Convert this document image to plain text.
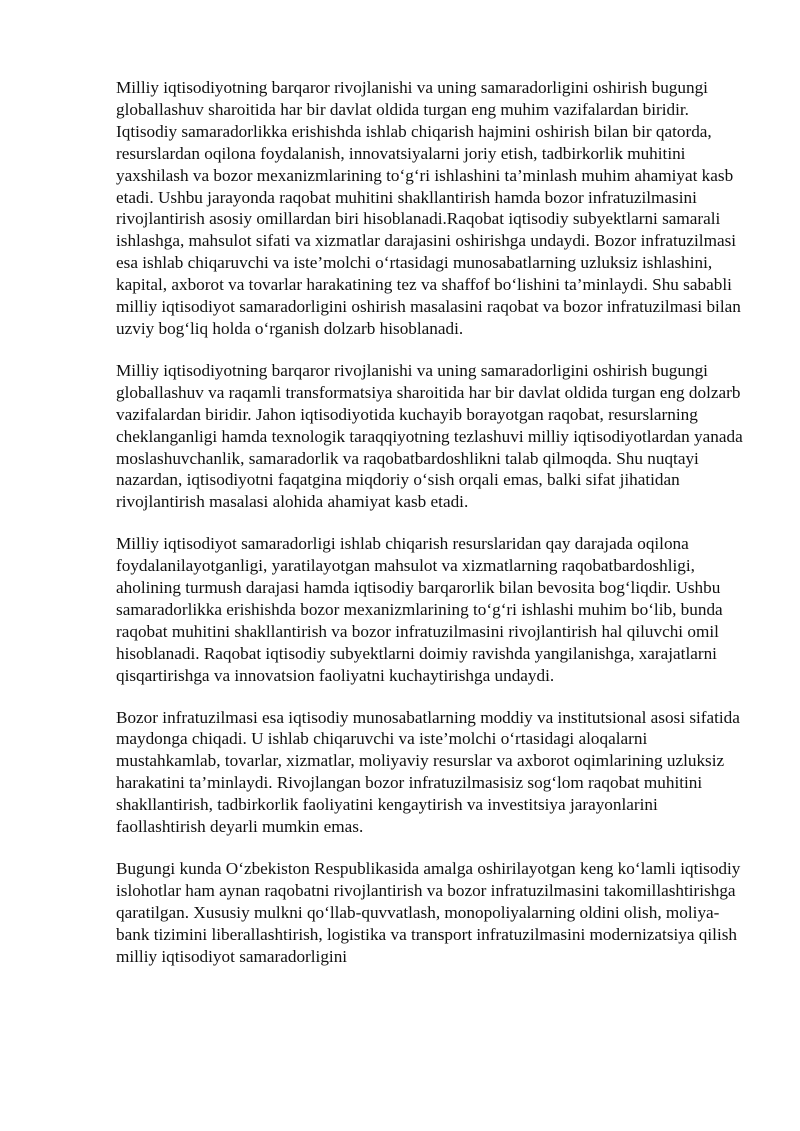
Milliy iqtisodiyotning barqaror rivojlanishi va uning samaradorligini oshirish bugungi globallashuv sharoitida har bir davlat oldida turgan eng muhim vazifalardan biridir. Iqtisodiy samaradorlikka erishishda ishlab chiqarish hajmini oshirish bilan bir qatorda, resurslardan oqilona foydalanish, innovatsiyalarni joriy etish, tadbirkorlik muhitini yaxshilash va bozor mexanizmlarining to‘g‘ri ishlashini ta’minlash muhim ahamiyat kasb etadi. Ushbu jarayonda raqobat muhitini shakllantirish hamda bozor infratuzilmasini rivojlantirish asosiy omillardan biri hisoblanadi.Raqobat iqtisodiy subyektlarni samarali ishlashga, mahsulot sifati va xizmatlar darajasini oshirishga undaydi. Bozor infratuzilmasi esa ishlab chiqaruvchi va iste’molchi o‘rtasidagi munosabatlarning uzluksiz ishlashini, kapital, axborot va tovarlar harakatining tez va shaffof bo‘lishini ta’minlaydi. Shu sababli milliy iqtisodiyot samaradorligini oshirish masalasini raqobat va bozor infratuzilmasi bilan uzviy bog‘liq holda o‘rganish dolzarb hisoblanadi.

Milliy iqtisodiyotning barqaror rivojlanishi va uning samaradorligini oshirish bugungi globallashuv va raqamli transformatsiya sharoitida har bir davlat oldida turgan eng dolzarb vazifalardan biridir. Jahon iqtisodiyotida kuchayib borayotgan raqobat, resurslarning cheklanganligi hamda texnologik taraqqiyotning tezlashuvi milliy iqtisodiyotlardan yanada moslashuvchanlik, samaradorlik va raqobatbardoshlikni talab qilmoqda. Shu nuqtayi nazardan, iqtisodiyotni faqatgina miqdoriy o‘sish orqali emas, balki sifat jihatidan rivojlantirish masalasi alohida ahamiyat kasb etadi.

Milliy iqtisodiyot samaradorligi ishlab chiqarish resurslaridan qay darajada oqilona foydalanilayotganligi, yaratilayotgan mahsulot va xizmatlarning raqobatbardoshligi, aholining turmush darajasi hamda iqtisodiy barqarorlik bilan bevosita bog‘liqdir. Ushbu samaradorlikka erishishda bozor mexanizmlarining to‘g‘ri ishlashi muhim bo‘lib, bunda raqobat muhitini shakllantirish va bozor infratuzilmasini rivojlantirish hal qiluvchi omil hisoblanadi. Raqobat iqtisodiy subyektlarni doimiy ravishda yangilanishga, xarajatlarni qisqartirishga va innovatsion faoliyatni kuchaytirishga undaydi.

Bozor infratuzilmasi esa iqtisodiy munosabatlarning moddiy va institutsional asosi sifatida maydonga chiqadi. U ishlab chiqaruvchi va iste’molchi o‘rtasidagi aloqalarni mustahkamlab, tovarlar, xizmatlar, moliyaviy resurslar va axborot oqimlarining uzluksiz harakatini ta’minlaydi. Rivojlangan bozor infratuzilmasisiz sog‘lom raqobat muhitini shakllantirish, tadbirkorlik faoliyatini kengaytirish va investitsiya jarayonlarini faollashtirish deyarli mumkin emas.

Bugungi kunda O‘zbekiston Respublikasida amalga oshirilayotgan keng ko‘lamli iqtisodiy islohotlar ham aynan raqobatni rivojlantirish va bozor infratuzilmasini takomillashtirishga qaratilgan. Xususiy mulkni qo‘llab-quvvatlash, monopoliyalarning oldini olish, moliya-bank tizimini liberallashtirish, logistika va transport infratuzilmasini modernizatsiya qilish milliy iqtisodiyot samaradorligini
